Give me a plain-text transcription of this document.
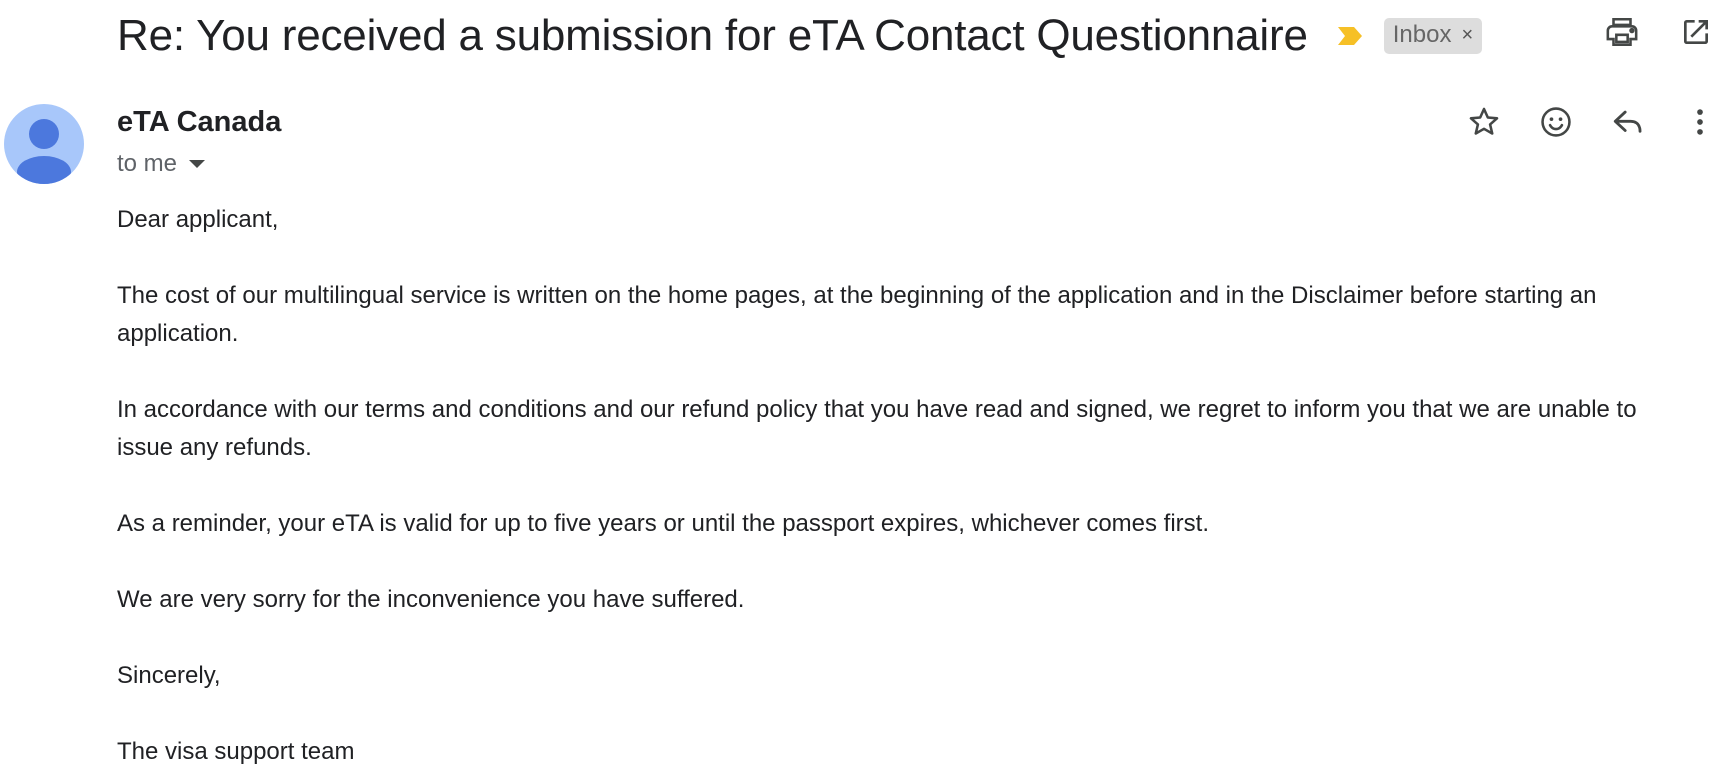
Re: You received a submission for eTA Contact Questionnaire	Inbox ×
eTA Canada
to me

Dear applicant,

The cost of our multilingual service is written on the home pages, at the beginning of the application and in the Disclaimer before starting an application.

In accordance with our terms and conditions and our refund policy that you have read and signed, we regret to inform you that we are unable to issue any refunds.

As a reminder, your eTA is valid for up to five years or until the passport expires, whichever comes first.

We are very sorry for the inconvenience you have suffered.

Sincerely,

The visa support team
